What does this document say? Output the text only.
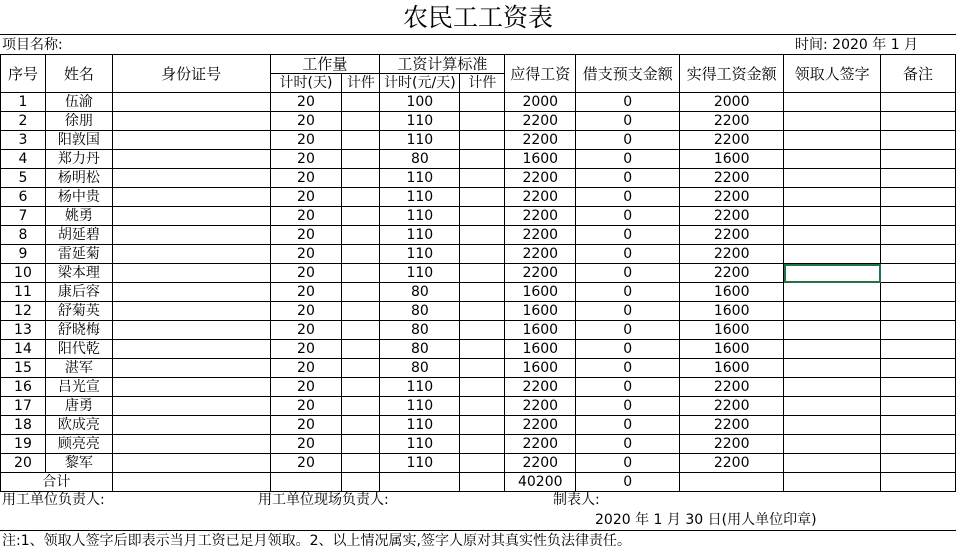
农民工工资表
项目名称:	时间: 2020 年 1 月
序号	姓名	身份证号	工作量		工资计算标准		应得工资	借支预支金额	实得工资金额	领取人签字	备注
			计时(天)	计件	计时(元/天)	计件					
1	伍渝		20		100		2000	0	2000		
2	徐朋		20		110		2200	0	2200		
3	阳敦国		20		110		2200	0	2200		
4	郑力丹		20		80		1600	0	1600		
5	杨明松		20		110		2200	0	2200		
6	杨中贵		20		110		2200	0	2200		
7	姚勇		20		110		2200	0	2200		
8	胡延碧		20		110		2200	0	2200		
9	雷延菊		20		110		2200	0	2200		
10	梁本理		20		110		2200	0	2200		
11	康后容		20		80		1600	0	1600		
12	舒菊英		20		80		1600	0	1600		
13	舒晓梅		20		80		1600	0	1600		
14	阳代乾		20		80		1600	0	1600		
15	湛军		20		80		1600	0	1600		
16	吕光宣		20		110		2200	0	2200		
17	唐勇		20		110		2200	0	2200		
18	欧成亮		20		110		2200	0	2200		
19	顾亮亮		20		110		2200	0	2200		
20	黎军		20		110		2200	0	2200		
合计							40200	0			
用工单位负责人:	用工单位现场负责人:	制表人:
2020 年 1 月 30 日(用人单位印章)
注:1、领取人签字后即表示当月工资已足月领取。2、以上情况属实,签字人原对其真实性负法律责任。
